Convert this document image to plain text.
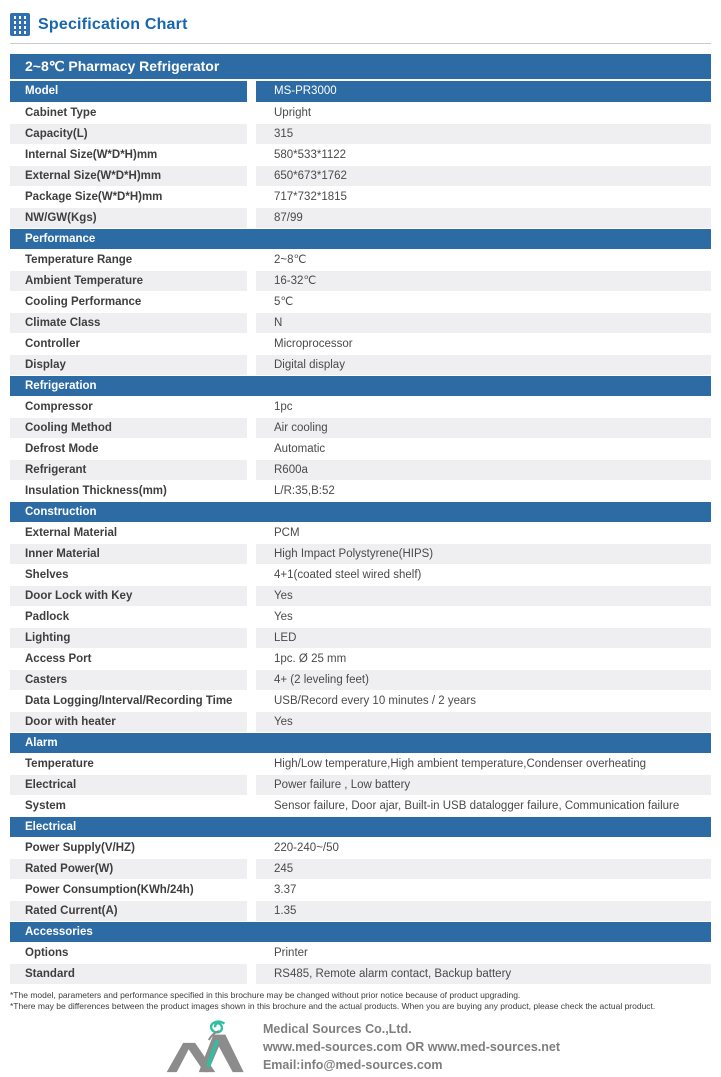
Specification Chart
2~8℃ Pharmacy Refrigerator
Model	MS-PR3000
Cabinet Type	Upright
Capacity(L)	315
Internal Size(W*D*H)mm	580*533*1122
External Size(W*D*H)mm	650*673*1762
Package Size(W*D*H)mm	717*732*1815
NW/GW(Kgs)	87/99
Performance
Temperature Range	2~8℃
Ambient Temperature	16-32℃
Cooling Performance	5℃
Climate Class	N
Controller	Microprocessor
Display	Digital display
Refrigeration
Compressor	1pc
Cooling Method	Air cooling
Defrost Mode	Automatic
Refrigerant	R600a
Insulation Thickness(mm)	L/R:35,B:52
Construction
External Material	PCM
Inner Material	High Impact Polystyrene(HIPS)
Shelves	4+1(coated steel wired shelf)
Door Lock with Key	Yes
Padlock	Yes
Lighting	LED
Access Port	1pc. Ø 25 mm
Casters	4+ (2 leveling feet)
Data Logging/Interval/Recording Time	USB/Record every 10 minutes / 2 years
Door with heater	Yes
Alarm
Temperature	High/Low temperature,High ambient temperature,Condenser overheating
Electrical	Power failure , Low battery
System	Sensor failure, Door ajar, Built-in USB datalogger failure, Communication failure
Electrical
Power Supply(V/HZ)	220-240~/50
Rated Power(W)	245
Power Consumption(KWh/24h)	3.37
Rated Current(A)	1.35
Accessories
Options	Printer
Standard	RS485, Remote alarm contact, Backup battery
*The model, parameters and performance specified in this brochure may be changed without prior notice because of product upgrading.
*There may be differences between the product images shown in this brochure and the actual products. When you are buying any product, please check the actual product.
Medical Sources Co.,Ltd.
www.med-sources.com OR www.med-sources.net
Email:info@med-sources.com
